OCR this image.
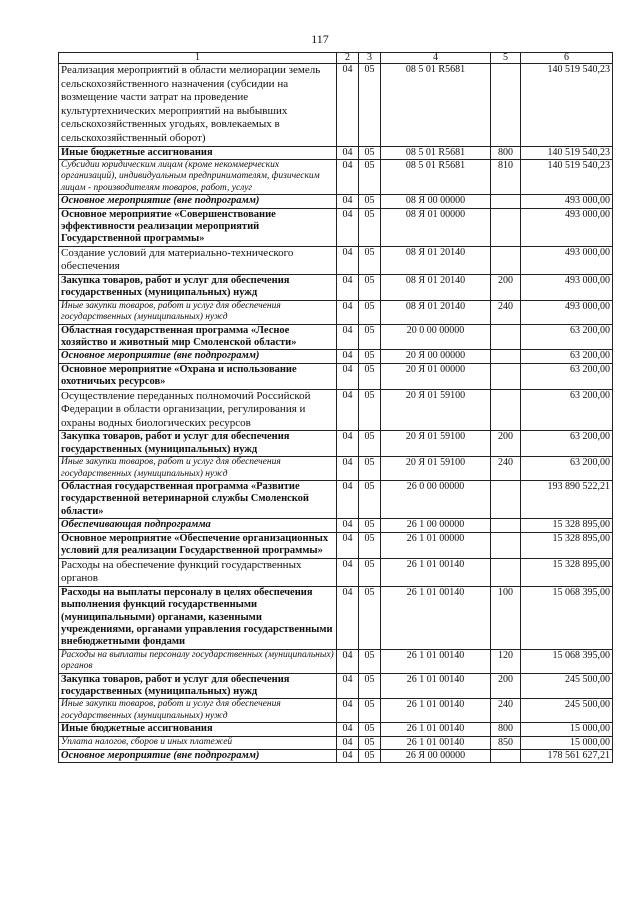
117
1	2	3	4	5	6
Реализация мероприятий в области мелиорации земель сельскохозяйственного назначения (субсидии на возмещение части затрат на проведение культуртехнических мероприятий на выбывших сельскохозяйственных угодьях, вовлекаемых в сельскохозяйственный оборот)	04	05	08 5 01 R5681		140 519 540,23
Иные бюджетные ассигнования	04	05	08 5 01 R5681	800	140 519 540,23
Субсидии юридическим лицам (кроме некоммерческих организаций), индивидуальным предпринимателям, физическим лицам - производителям товаров, работ, услуг	04	05	08 5 01 R5681	810	140 519 540,23
Основное мероприятие (вне подпрограмм)	04	05	08 Я 00 00000		493 000,00
Основное мероприятие «Совершенствование эффективности реализации мероприятий Государственной программы»	04	05	08 Я 01 00000		493 000,00
Создание условий для материально-технического обеспечения	04	05	08 Я 01 20140		493 000,00
Закупка товаров, работ и услуг для обеспечения государственных (муниципальных) нужд	04	05	08 Я 01 20140	200	493 000,00
Иные закупки товаров, работ и услуг для обеспечения государственных (муниципальных) нужд	04	05	08 Я 01 20140	240	493 000,00
Областная государственная программа «Лесное хозяйство и животный мир Смоленской области»	04	05	20 0 00 00000		63 200,00
Основное мероприятие (вне подпрограмм)	04	05	20 Я 00 00000		63 200,00
Основное мероприятие «Охрана и использование охотничьих ресурсов»	04	05	20 Я 01 00000		63 200,00
Осуществление переданных полномочий Российской Федерации в области организации, регулирования и охраны водных биологических ресурсов	04	05	20 Я 01 59100		63 200,00
Закупка товаров, работ и услуг для обеспечения государственных (муниципальных) нужд	04	05	20 Я 01 59100	200	63 200,00
Иные закупки товаров, работ и услуг для обеспечения государственных (муниципальных) нужд	04	05	20 Я 01 59100	240	63 200,00
Областная государственная программа «Развитие государственной ветеринарной службы Смоленской области»	04	05	26 0 00 00000		193 890 522,21
Обеспечивающая подпрограмма	04	05	26 1 00 00000		15 328 895,00
Основное мероприятие «Обеспечение организационных условий для реализации Государственной программы»	04	05	26 1 01 00000		15 328 895,00
Расходы на обеспечение функций государственных органов	04	05	26 1 01 00140		15 328 895,00
Расходы на выплаты персоналу в целях обеспечения выполнения функций государственными (муниципальными) органами, казенными учреждениями, органами управления государственными внебюджетными фондами	04	05	26 1 01 00140	100	15 068 395,00
Расходы на выплаты персоналу государственных (муниципальных) органов	04	05	26 1 01 00140	120	15 068 395,00
Закупка товаров, работ и услуг для обеспечения государственных (муниципальных) нужд	04	05	26 1 01 00140	200	245 500,00
Иные закупки товаров, работ и услуг для обеспечения государственных (муниципальных) нужд	04	05	26 1 01 00140	240	245 500,00
Иные бюджетные ассигнования	04	05	26 1 01 00140	800	15 000,00
Уплата налогов, сборов и иных платежей	04	05	26 1 01 00140	850	15 000,00
Основное мероприятие (вне подпрограмм)	04	05	26 Я 00 00000		178 561 627,21
